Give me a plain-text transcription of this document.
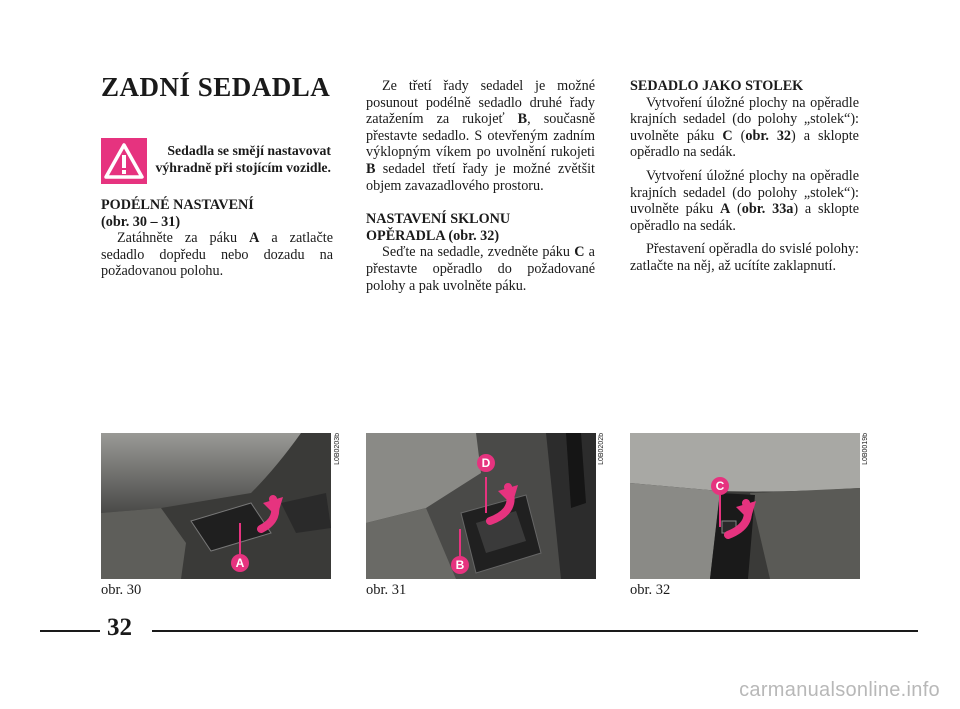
ZADNÍ SEDADLA
Sedadla se smějí nastavovat výhradně při stojícím vozidle.

PODÉLNÉ NASTAVENÍ

(obr. 30 – 31)

Zatáhněte za páku A a zatlačte sedadlo dopředu nebo dozadu na požadovanou polohu.

Ze třetí řady sedadel je možné posunout podélně sedadlo druhé řady zatažením za rukojeť B, současně přestavte sedadlo. S otevřeným zadním výklopným víkem po uvolnění rukojeti B sedadel třetí řady je možné zvětšit objem zavazadlového prostoru.

NASTAVENÍ SKLONU

OPĚRADLA (obr. 32)

Seďte na sedadle, zvedněte páku C a přestavte opěradlo do požadované polohy a pak uvolněte páku.

SEDADLO JAKO STOLEK

Vytvoření úložné plochy na opěradle krajních sedadel (do polohy „stolek“): uvolněte páku C (obr. 32) a sklopte opěradlo na sedák.

Vytvoření úložné plochy na opěradle krajních sedadel (do polohy „stolek“): uvolněte páku A (obr. 33a) a sklopte opěradlo na sedák.

Přestavení opěradla do svislé polohy: zatlačte na něj, až ucítíte zaklapnutí.

A
L0B0203b
obr. 30
D
B
L0B0202b
obr. 31
C
L0B0019b
obr. 32
32
carmanualsonline.info
